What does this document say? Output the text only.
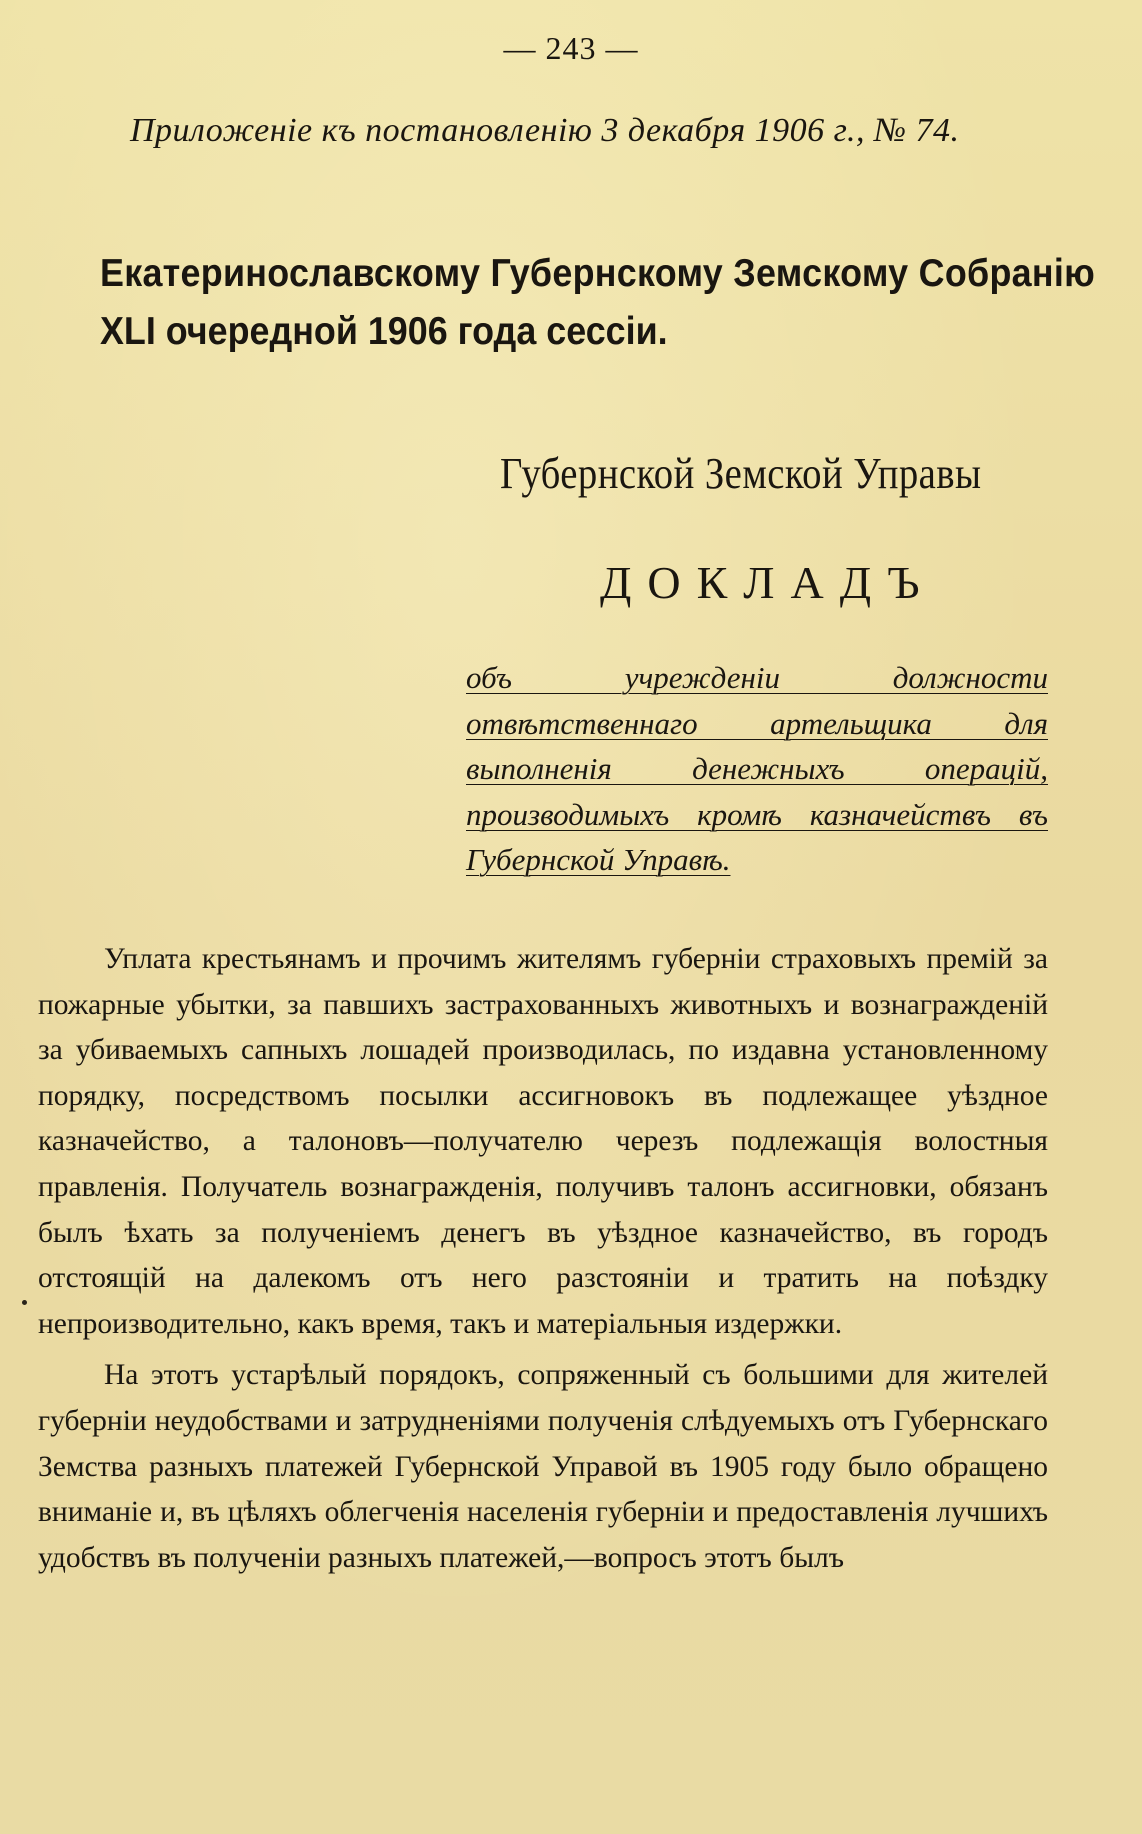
— 243 —
Приложеніе къ постановленію 3 декабря 1906 г., № 74.
Екатеринославскому Губернскому Земскому Собранію
XLI очередной 1906 года сессіи.
Губернской Земской Управы
ДОКЛАДЪ
объ учрежденіи должности отвѣтственнаго артельщика для выполненія денежныхъ операцій, производимыхъ кромѣ казначействъ въ Губернской Управѣ.

Уплата крестьянамъ и прочимъ жителямъ губерніи страховыхъ премій за пожарные убытки, за павшихъ застрахованныхъ животныхъ и вознагражденій за убиваемыхъ сапныхъ лошадей производилась, по издавна установленному порядку, посредствомъ посылки ассигновокъ въ подлежащее уѣздное казначейство, а талоновъ—получателю черезъ подлежащія волостныя правленія. Получатель вознагражденія, получивъ талонъ ассигновки, обязанъ былъ ѣхать за полученіемъ денегъ въ уѣздное казначейство, въ городъ отстоящій на далекомъ отъ него разстояніи и тратить на поѣздку непроизводительно, какъ время, такъ и матеріальныя издержки.

На этотъ устарѣлый порядокъ, сопряженный съ большими для жителей губерніи неудобствами и затрудненіями полученія слѣдуемыхъ отъ Губернскаго Земства разныхъ платежей Губернской Управой въ 1905 году было обращено вниманіе и, въ цѣляхъ облегченія населенія губерніи и предоставленія лучшихъ удобствъ въ полученіи разныхъ платежей,—вопросъ этотъ былъ
